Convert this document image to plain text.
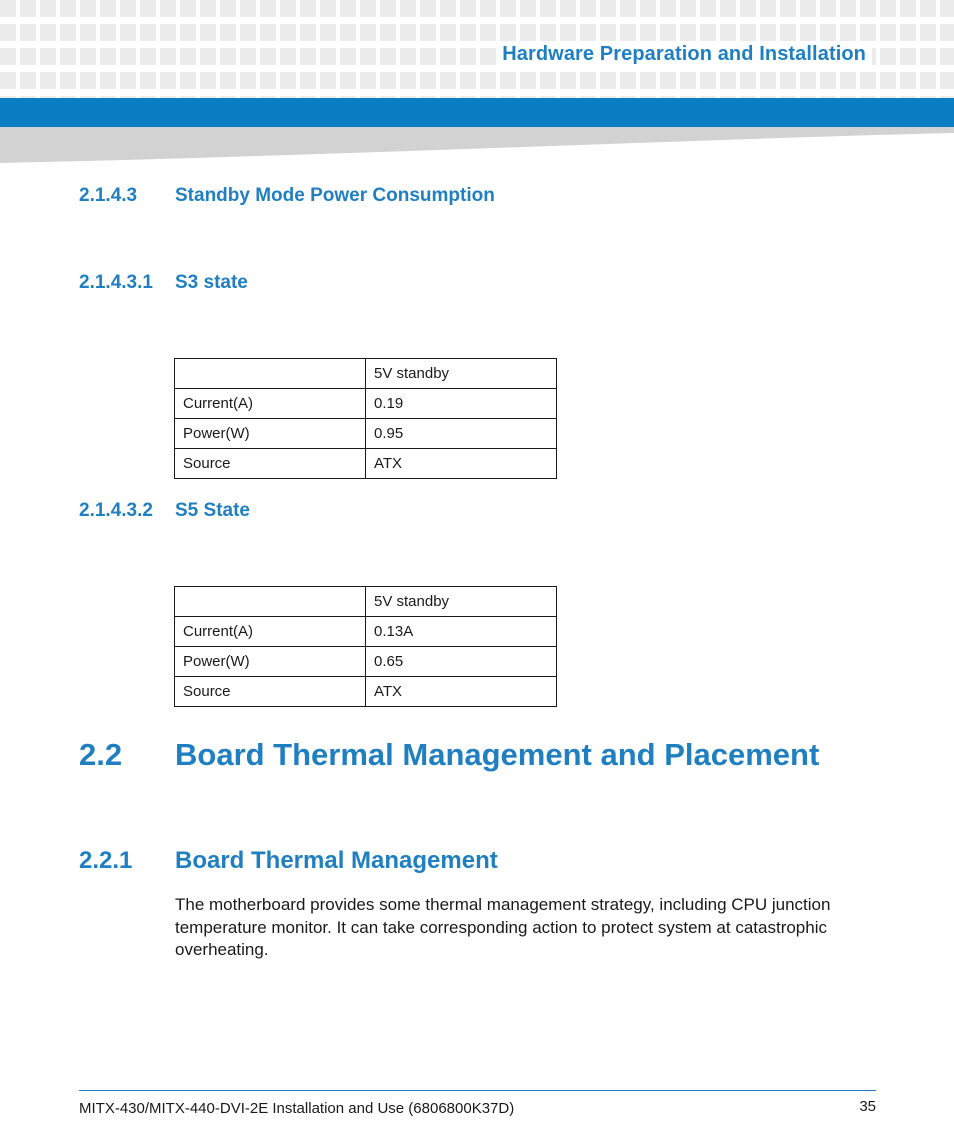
Hardware Preparation and Installation
2.1.4.3 Standby Mode Power Consumption
2.1.4.3.1 S3 state
	5V standby
Current(A)	0.19
Power(W)	0.95
Source	ATX
2.1.4.3.2 S5 State
	5V standby
Current(A)	0.13A
Power(W)	0.65
Source	ATX
2.2 Board Thermal Management and Placement
2.2.1 Board Thermal Management

The motherboard provides some thermal management strategy, including CPU junction temperature monitor. It can take corresponding action to protect system at catastrophic overheating.

MITX-430/MITX-440-DVI-2E Installation and Use (6806800K37D)	35
